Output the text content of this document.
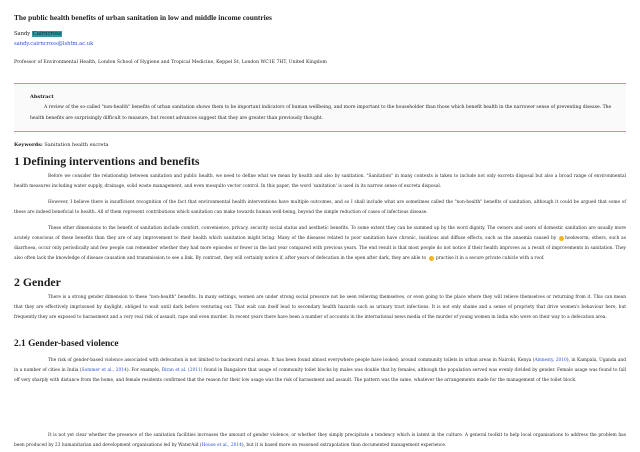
The public health benefits of urban sanitation in low and middle income countries
Sandy Cairncross
sandy.cairncross@lshtm.ac.uk
Professor of Environmental Health, London School of Hygiene and Tropical Medicine, Keppel St, London WC1E 7HT, United Kingdom
Abstract
A review of the so-called "non-health" benefits of urban sanitation shows them to be important indicators of human wellbeing, and more important to the householder than those which benefit health in the narrower sense of preventing disease. The health benefits are surprisingly difficult to measure, but recent advances suggest that they are greater than previously thought.
Keywords: Sanitation health excreta
1 Defining interventions and benefits

Before we consider the relationship between sanitation and public health, we need to define what we mean by health and also by sanitation. "Sanitation" in many contexts is taken to include not only excreta disposal but also a broad range of environmental health measures including water supply, drainage, solid waste management, and even mosquito vector control. In this paper, the word 'sanitation' is used in its narrow sense of excreta disposal.

However, I believe there is insufficient recognition of the fact that environmental health interventions have multiple outcomes, and so I shall include what are sometimes called the "non-health" benefits of sanitation, although it could be argued that some of these are indeed beneficial to health. All of them represent contributions which sanitation can make towards human well-being, beyond the simple reduction of cases of infectious disease.

These other dimensions to the benefit of sanitation include comfort, convenience, privacy, security social status and aesthetic benefits. To some extent they can be summed up by the word dignity. The owners and users of domestic sanitation are usually more acutely conscious of these benefits than they are of any improvement to their health which sanitation might bring. Many of the diseases related to poor sanitation have chronic, insidious and diffuse effects, such as the anaemia caused by hookworm; others, such as diarrhoea, occur only periodically and few people can remember whether they had more episodes or fewer in the last year compared with previous years. The end result is that most people do not notice if their health improves as a result of improvements in sanitation. They also often lack the knowledge of disease causation and transmission to see a link. By contrast, they will certainly notice if, after years of defecation in the open after dark, they are able to practise it in a secure private cubicle with a roof.

2 Gender

There is a strong gender dimension to these "non-health" benefits. In many settings, women are under strong social pressure not be seen relieving themselves, or even going to the place where they will relieve themselves or returning from it. This can mean that they are effectively imprisoned by daylight, obliged to wait until dark before venturing out. That wait can itself lead to secondary health hazards such as urinary tract infections. It is not only shame and a sense of propriety that drive women's behaviour here, but frequently they are exposed to harassment and a very real risk of assault, rape and even murder. In recent years there have been a number of accounts in the international news media of the murder of young women in India who were on their way to a defecation area.

2.1 Gender-based violence

The risk of gender-based violence associated with defecation is not limited to backward rural areas. It has been found almost everywhere people have looked; around community toilets in urban areas in Nairobi, Kenya (Amnesty, 2010), in Kampala, Uganda and in a number of cities in India (Sommer et al., 2014). For example, Biran et al. (2011) found in Bangalore that usage of community toilet blocks by males was double that by females, although the population served was evenly divided by gender. Female usage was found to fall off very sharply with distance from the home, and female residents confirmed that the reason for their low usage was the risk of harassment and assault. The pattern was the same, whatever the arrangements made for the management of the toilet block.

It is not yet clear whether the presence of the sanitation facilities increases the amount of gender violence, or whether they simply precipitate a tendency which is latent in the culture. A general toolkit to help local organisations to address the problem has been produced by 23 humanitarian and development organisations led by WaterAid (House et al., 2014), but it is based more on reasoned extrapolation than documented management experience.
